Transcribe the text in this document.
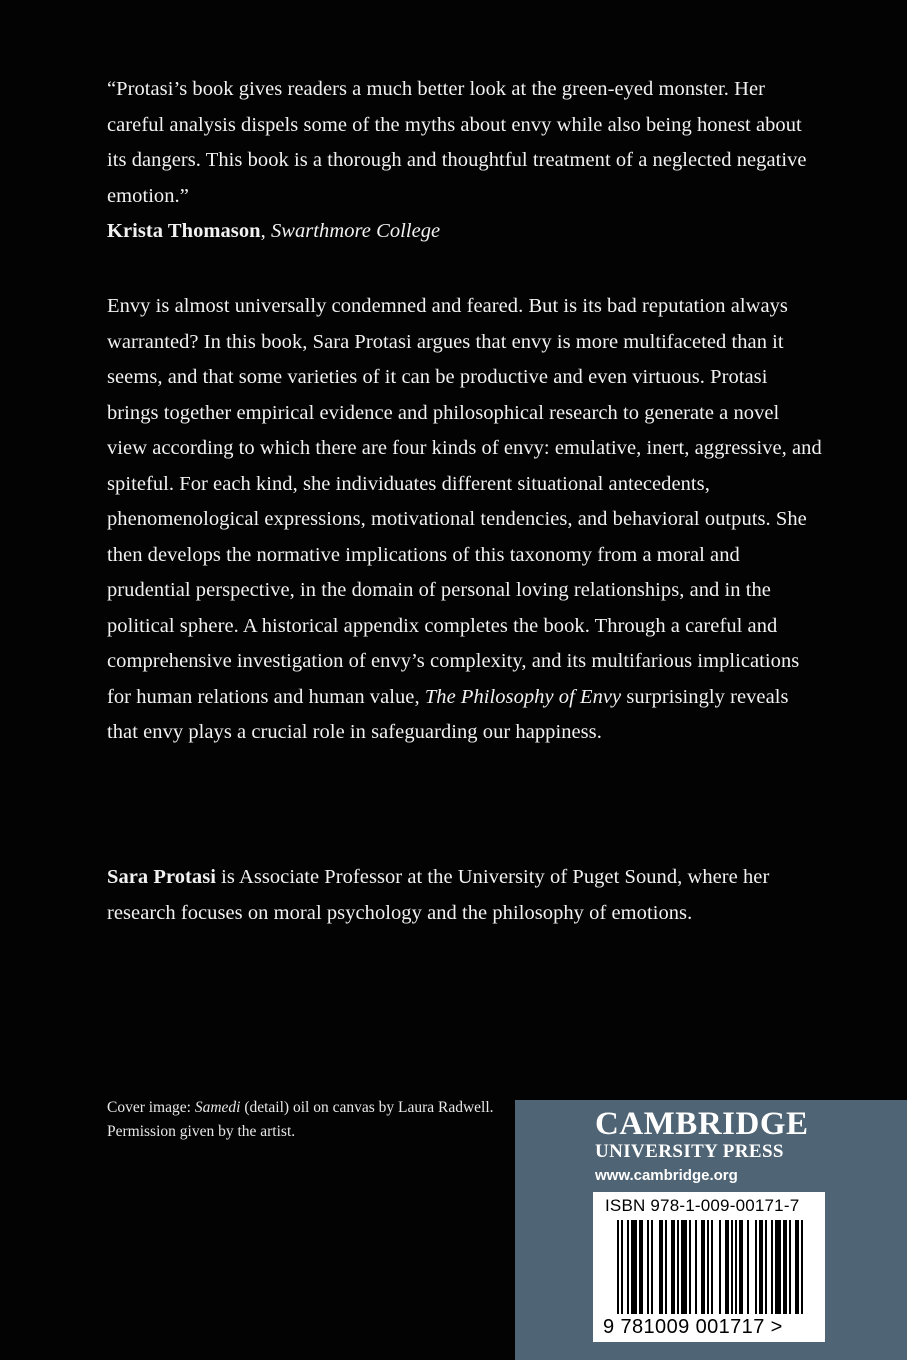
“Protasi’s book gives readers a much better look at the green-eyed monster. Her careful analysis dispels some of the myths about envy while also being honest about its dangers. This book is a thorough and thoughtful treatment of a neglected negative emotion.”

Krista Thomason, Swarthmore College

Envy is almost universally condemned and feared. But is its bad reputation always warranted? In this book, Sara Protasi argues that envy is more multifaceted than it seems, and that some varieties of it can be productive and even virtuous. Protasi brings together empirical evidence and philosophical research to generate a novel view according to which there are four kinds of envy: emulative, inert, aggressive, and spiteful. For each kind, she individuates different situational antecedents, phenomenological expressions, motivational tendencies, and behavioral outputs. She then develops the normative implications of this taxonomy from a moral and prudential perspective, in the domain of personal loving relationships, and in the political sphere. A historical appendix completes the book. Through a careful and comprehensive investigation of envy’s complexity, and its multifarious implications for human relations and human value, The Philosophy of Envy surprisingly reveals that envy plays a crucial role in safeguarding our happiness.

Sara Protasi is Associate Professor at the University of Puget Sound, where her research focuses on moral psychology and the philosophy of emotions.

Cover image: Samedi (detail) oil on canvas by Laura Radwell. Permission given by the artist.	CAMBRIDGE
UNIVERSITY PRESS
www.cambridge.org
ISBN 978-1-009-00171-7
9 781009 001717 >
